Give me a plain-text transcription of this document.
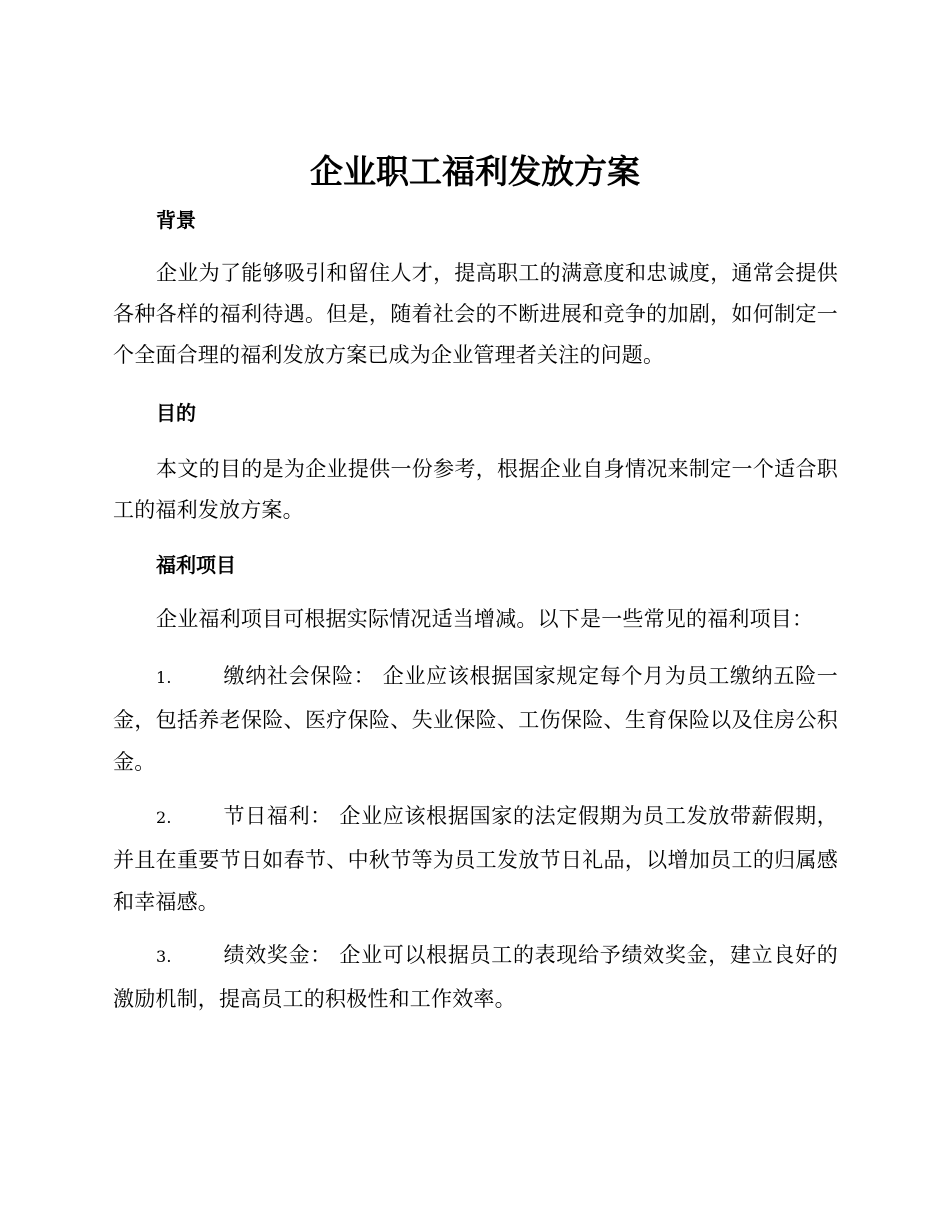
企业职工福利发放方案
背景
企业为了能够吸引和留住人才，提高职工的满意度和忠诚度，通常会提供各种各样的福利待遇。但是，随着社会的不断进展和竞争的加剧，如何制定一个全面合理的福利发放方案已成为企业管理者关注的问题。
目的
本文的目的是为企业提供一份参考，根据企业自身情况来制定一个适合职工的福利发放方案。
福利项目
企业福利项目可根据实际情况适当增减。以下是一些常见的福利项目：
1. 缴纳社会保险： 企业应该根据国家规定每个月为员工缴纳五险一金，包括养老保险、医疗保险、失业保险、工伤保险、生育保险以及住房公积金。
2. 节日福利： 企业应该根据国家的法定假期为员工发放带薪假期，并且在重要节日如春节、中秋节等为员工发放节日礼品，以增加员工的归属感和幸福感。
3. 绩效奖金： 企业可以根据员工的表现给予绩效奖金，建立良好的激励机制，提高员工的积极性和工作效率。
